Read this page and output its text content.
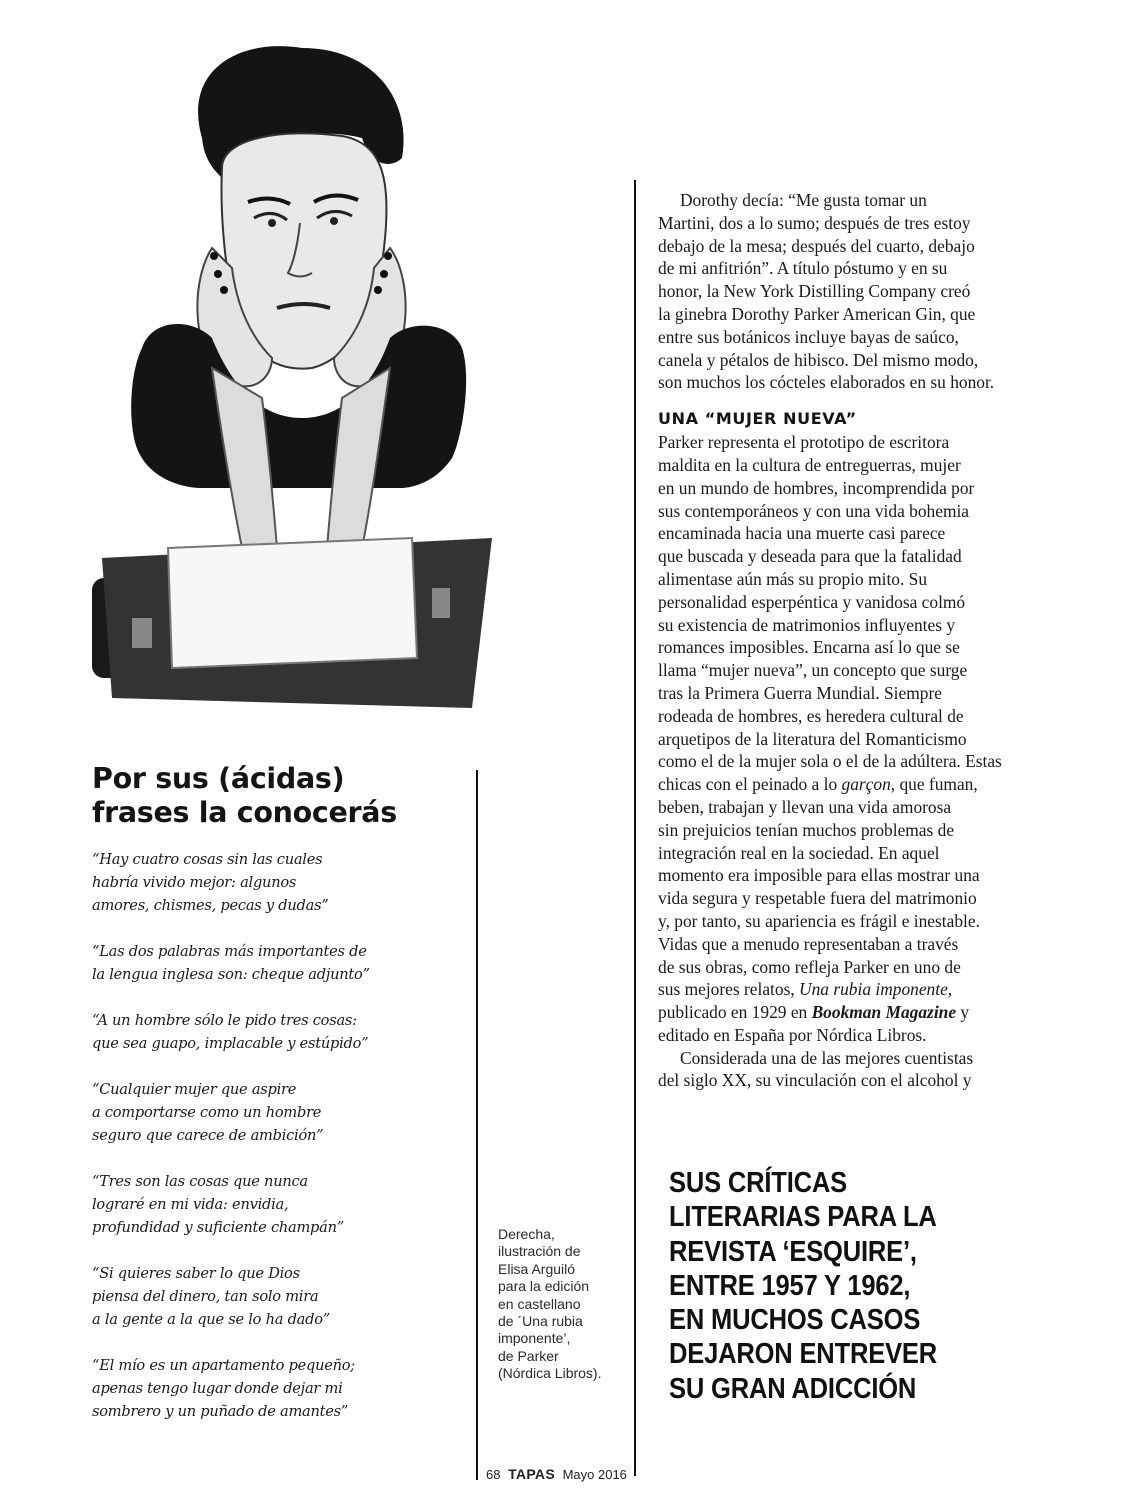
Por sus (ácidas)
frases la conocerás

“Hay cuatro cosas sin las cuales
habría vivido mejor: algunos
amores, chismes, pecas y dudas”

“Las dos palabras más importantes de
la lengua inglesa son: cheque adjunto”

“A un hombre sólo le pido tres cosas:
que sea guapo, implacable y estúpido”

“Cualquier mujer que aspire
a comportarse como un hombre
seguro que carece de ambición”

“Tres son las cosas que nunca
lograré en mi vida: envidia,
profundidad y suficiente champán”

“Si quieres saber lo que Dios
piensa del dinero, tan solo mira
a la gente a la que se lo ha dado”

“El mío es un apartamento pequeño;
apenas tengo lugar donde dejar mi
sombrero y un puñado de amantes”

Derecha,
ilustración de
Elisa Arguiló
para la edición
en castellano
de ´Una rubia
imponente’,
de Parker
(Nórdica Libros).
Dorothy decía: “Me gusta tomar un
Martini, dos a lo sumo; después de tres estoy
debajo de la mesa; después del cuarto, debajo
de mi anfitrión”. A título póstumo y en su
honor, la New York Distilling Company creó
la ginebra Dorothy Parker American Gin, que
entre sus botánicos incluye bayas de saúco,
canela y pétalos de hibisco. Del mismo modo,
son muchos los cócteles elaborados en su honor.
UNA “MUJER NUEVA”
Parker representa el prototipo de escritora
maldita en la cultura de entreguerras, mujer
en un mundo de hombres, incomprendida por
sus contemporáneos y con una vida bohemia
encaminada hacia una muerte casi parece
que buscada y deseada para que la fatalidad
alimentase aún más su propio mito. Su
personalidad esperpéntica y vanidosa colmó
su existencia de matrimonios influyentes y
romances imposibles. Encarna así lo que se
llama “mujer nueva”, un concepto que surge
tras la Primera Guerra Mundial. Siempre
rodeada de hombres, es heredera cultural de
arquetipos de la literatura del Romanticismo
como el de la mujer sola o el de la adúltera. Estas
chicas con el peinado a lo garçon, que fuman,
beben, trabajan y llevan una vida amorosa
sin prejuicios tenían muchos problemas de
integración real en la sociedad. En aquel
momento era imposible para ellas mostrar una
vida segura y respetable fuera del matrimonio
y, por tanto, su apariencia es frágil e inestable.
Vidas que a menudo representaban a través
de sus obras, como refleja Parker en uno de
sus mejores relatos, Una rubia imponente,
publicado en 1929 en Bookman Magazine y
editado en España por Nórdica Libros.
Considerada una de las mejores cuentistas
del siglo XX, su vinculación con el alcohol y
SUS CRÍTICAS
LITERARIAS PARA LA
REVISTA ‘ESQUIRE’,
ENTRE 1957 Y 1962,
EN MUCHOS CASOS
DEJARON ENTREVER
SU GRAN ADICCIÓN
68 TAPAS Mayo 2016
